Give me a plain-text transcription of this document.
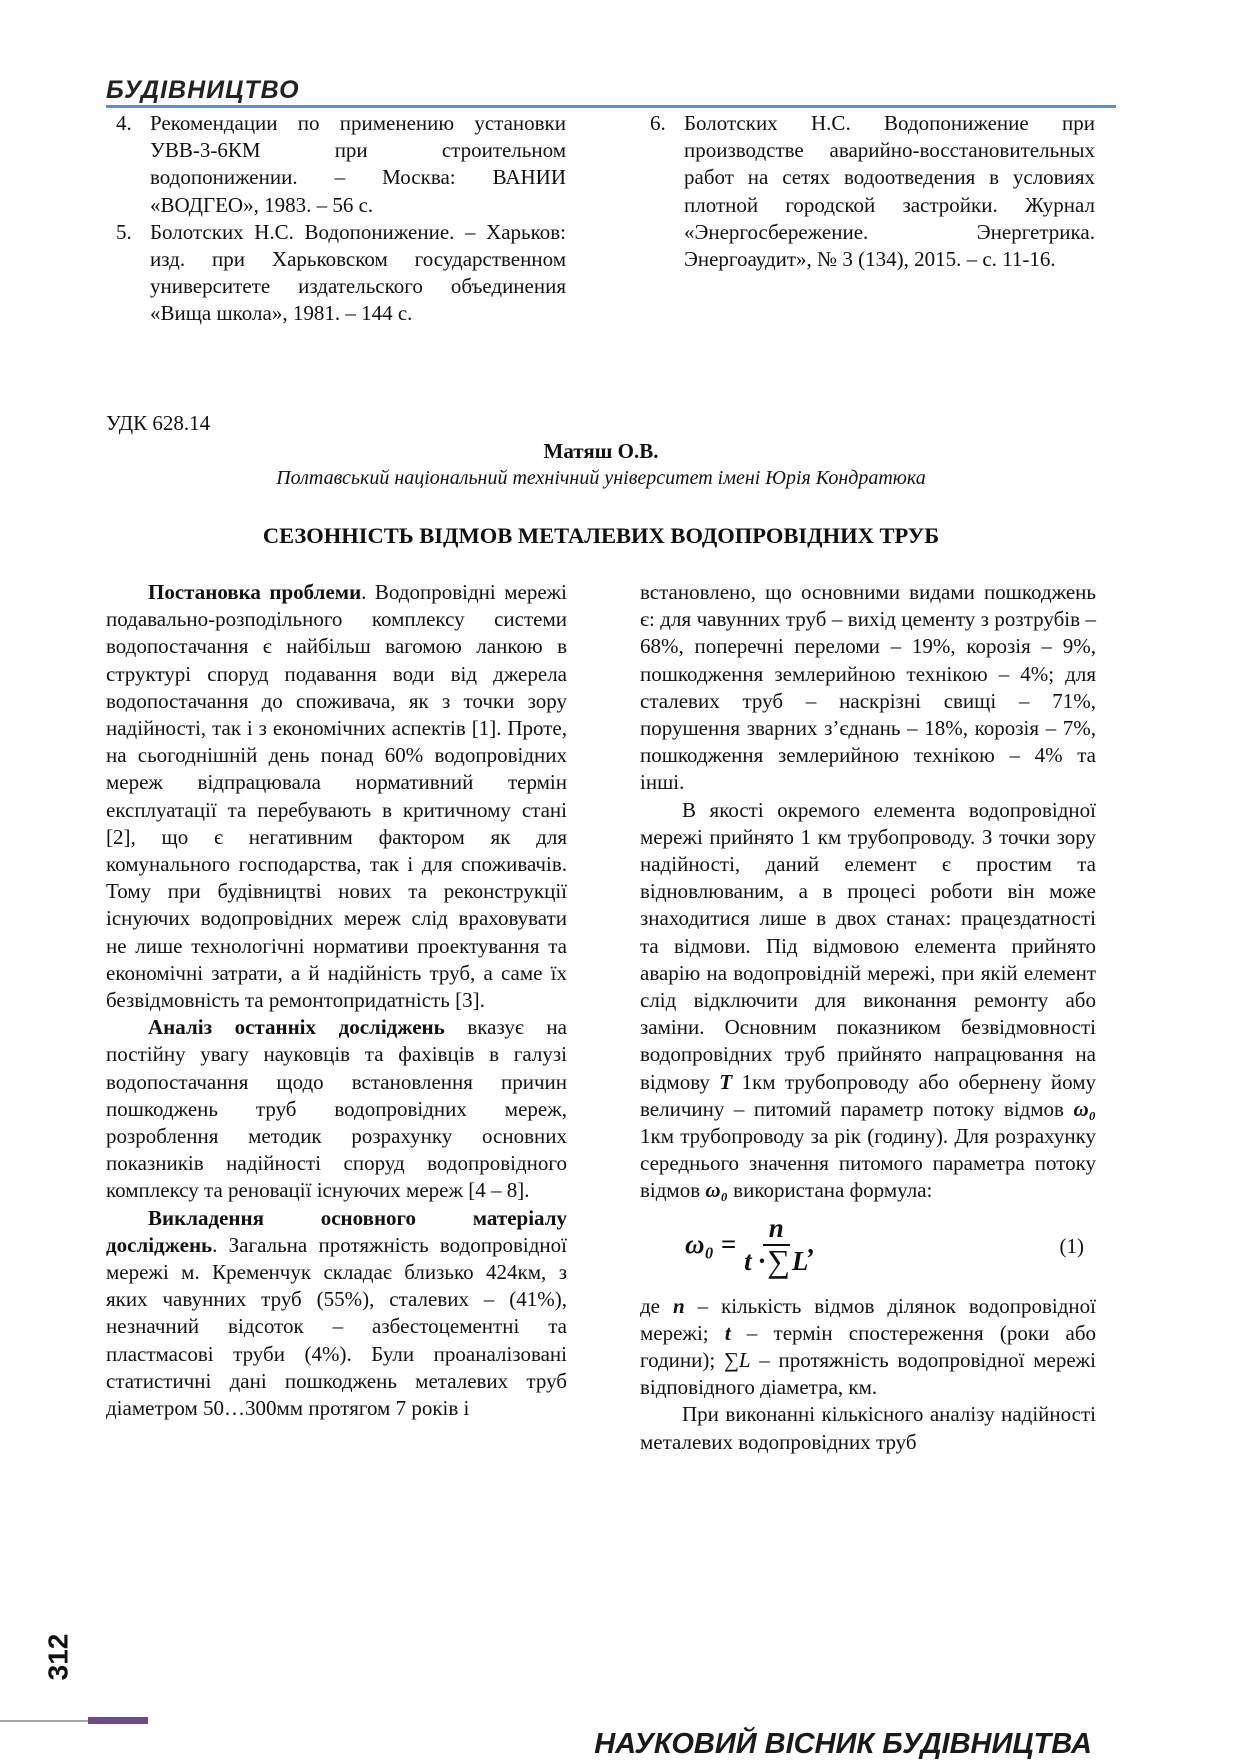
БУДІВНИЦТВО
4. Рекомендации по применению установки УВВ-3-6КМ при строительном водопонижении. – Москва: ВАНИИ «ВОДГЕО», 1983. – 56 с.
5. Болотских Н.С. Водопонижение. – Харьков: изд. при Харьковском государственном университете издательского объединения «Вища школа», 1981. – 144 с.
6. Болотских Н.С. Водопонижение при производстве аварийно-восстановительных работ на сетях водоотведения в условиях плотной городской застройки. Журнал «Энергосбережение. Энергетрика. Энергоаудит», № 3 (134), 2015. – с. 11-16.
УДК 628.14
Матяш О.В.
Полтавський національний технічний університет імені Юрія Кондратюка
СЕЗОННІСТЬ ВІДМОВ МЕТАЛЕВИХ ВОДОПРОВІДНИХ ТРУБ

Постановка проблеми. Водопровідні мережі подавально-розподільного комплексу системи водопостачання є найбільш вагомою ланкою в структурі споруд подавання води від джерела водопостачання до споживача, як з точки зору надійності, так і з економічних аспектів [1]. Проте, на сьогоднішній день понад 60% водопровідних мереж відпрацювала нормативний термін експлуатації та перебувають в критичному стані [2], що є негативним фактором як для комунального господарства, так і для споживачів. Тому при будівництві нових та реконструкції існуючих водопровідних мереж слід враховувати не лише технологічні нормативи проектування та економічні затрати, а й надійність труб, а саме їх безвідмовність та ремонтопридатність [3].

Аналіз останніх досліджень вказує на постійну увагу науковців та фахівців в галузі водопостачання щодо встановлення причин пошкоджень труб водопровідних мереж, розроблення методик розрахунку основних показників надійності споруд водопровідного комплексу та реновації існуючих мереж [4 – 8].

Викладення основного матеріалу досліджень. Загальна протяжність водопровідної мережі м. Кременчук складає близько 424км, з яких чавунних труб (55%), сталевих – (41%), незначний відсоток – азбестоцементні та пластмасові труби (4%). Були проаналізовані статистичні дані пошкоджень металевих труб діаметром 50…300мм протягом 7 років і

встановлено, що основними видами пошкоджень є: для чавунних труб – вихід цементу з розтрубів – 68%, поперечні переломи – 19%, корозія – 9%, пошкодження землерийною технікою – 4%; для сталевих труб – наскрізні свищі – 71%, порушення зварних з’єднань – 18%, корозія – 7%, пошкодження землерийною технікою – 4% та інші.

В якості окремого елемента водопровідної мережі прийнято 1 км трубопроводу. З точки зору надійності, даний елемент є простим та відновлюваним, а в процесі роботи він може знаходитися лише в двох станах: працездатності та відмови. Під відмовою елемента прийнято аварію на водопровідній мережі, при якій елемент слід відключити для виконання ремонту або заміни. Основним показником безвідмовності водопровідних труб прийнято напрацювання на відмову T 1км трубопроводу або обернену йому величину – питомий параметр потоку відмов ω₀ 1км трубопроводу за рік (годину). Для розрахунку середнього значення питомого параметра потоку відмов ω₀ використана формула:

$\omega_0 = \frac{n}{t \cdot \sum L}$ ,	(1)

де n – кількість відмов ділянок водопровідної мережі; t – термін спостереження (роки або години); ∑L – протяжність водопровідної мережі відповідного діаметра, км.

При виконанні кількісного аналізу надійності металевих водопровідних труб

312
НАУКОВИЙ ВІСНИК БУДІВНИЦТВА
